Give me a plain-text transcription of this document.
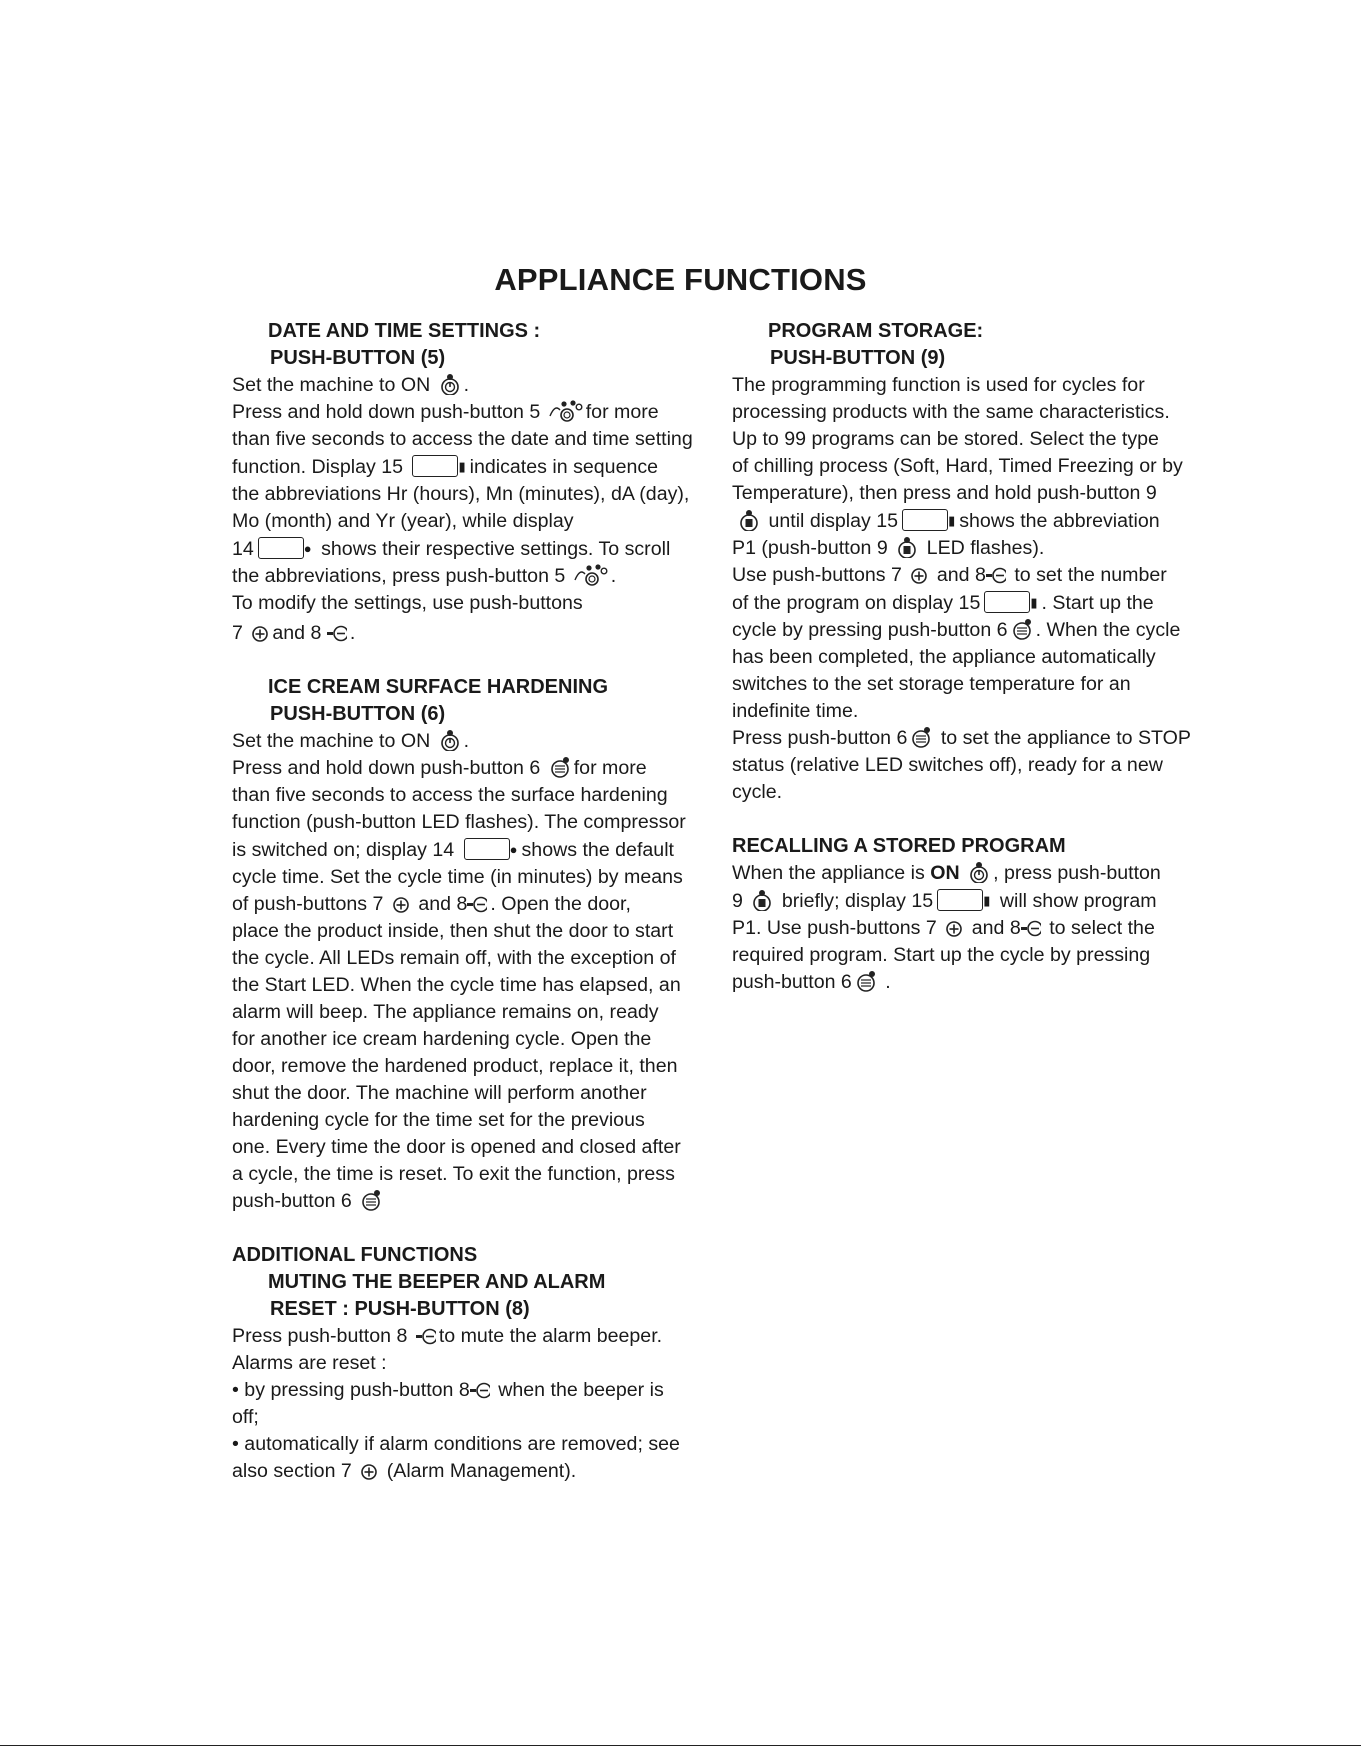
APPLIANCE FUNCTIONS
DATE AND TIME SETTINGS :
PUSH-BUTTON (5)
Set the machine to ON .
Press and hold down push-button 5 for more
than five seconds to access the date and time setting
function. Display 15	▮ indicates in sequence
the abbreviations Hr (hours), Mn (minutes), dA (day),
Mo (month) and Yr (year), while display
14	● shows their respective settings. To scroll
the abbreviations, press push-button 5 .
To modify the settings, use push-buttons
7 and 8 .
ICE CREAM SURFACE HARDENING
PUSH-BUTTON (6)
Set the machine to ON .
Press and hold down push-button 6 for more
than five seconds to access the surface hardening
function (push-button LED flashes). The compressor
is switched on; display 14	● shows the default
cycle time. Set the cycle time (in minutes) by means
of push-buttons 7 and 8 . Open the door,
place the product inside, then shut the door to start
the cycle. All LEDs remain off, with the exception of
the Start LED. When the cycle time has elapsed, an
alarm will beep. The appliance remains on, ready
for another ice cream hardening cycle. Open the
door, remove the hardened product, replace it, then
shut the door. The machine will perform another
hardening cycle for the time set for the previous
one. Every time the door is opened and closed after
a cycle, the time is reset. To exit the function, press
push-button 6
ADDITIONAL FUNCTIONS
MUTING THE BEEPER AND ALARM
RESET : PUSH-BUTTON (8)
Press push-button 8 to mute the alarm beeper.
Alarms are reset :
• by pressing push-button 8 when the beeper is
off;
• automatically if alarm conditions are removed; see
also section 7 (Alarm Management).
PROGRAM STORAGE:
PUSH-BUTTON (9)
The programming function is used for cycles for
processing products with the same characteristics.
Up to 99 programs can be stored. Select the type
of chilling process (Soft, Hard, Timed Freezing or by
Temperature), then press and hold push-button 9
until display 15	▮ shows the abbreviation
P1 (push-button 9 LED flashes).
Use push-buttons 7 and 8 to set the number
of the program on display 15	▮ . Start up the
cycle by pressing push-button 6 . When the cycle
has been completed, the appliance automatically
switches to the set storage temperature for an
indefinite time.
Press push-button 6 to set the appliance to STOP
status (relative LED switches off), ready for a new
cycle.
RECALLING A STORED PROGRAM
When the appliance is ON , press push-button
9 briefly; display 15	▮ will show program
P1. Use push-buttons 7 and 8 to select the
required program. Start up the cycle by pressing
push-button 6 .
